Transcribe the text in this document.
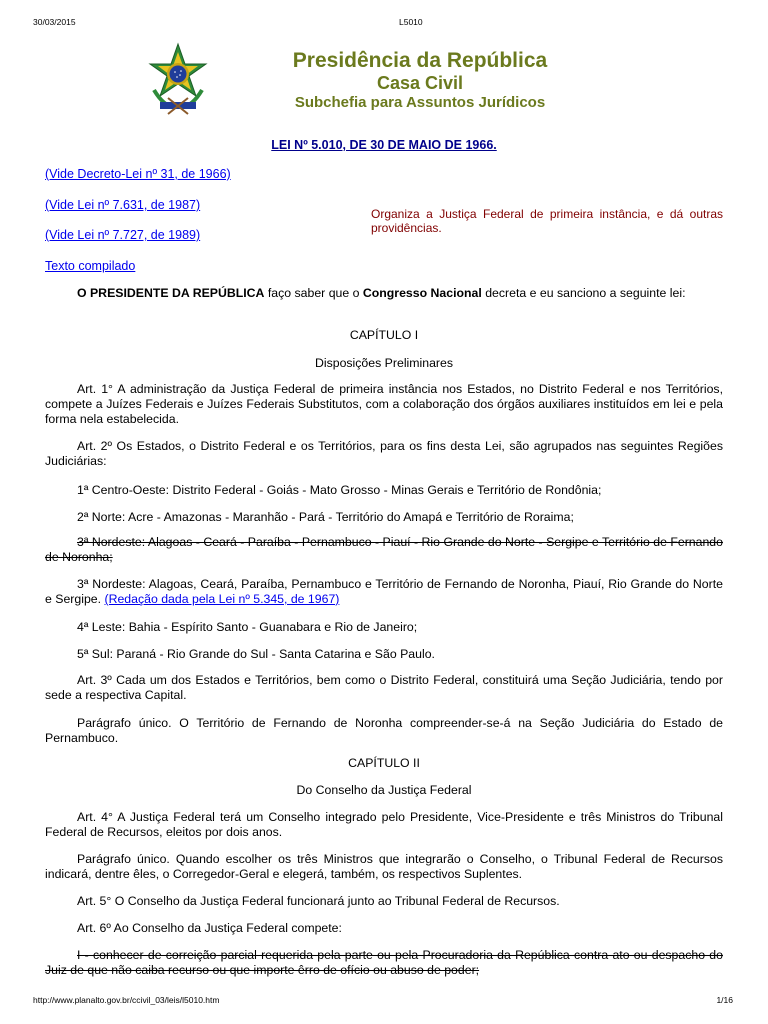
30/03/2015	L5010
Presidência da República
Casa Civil
Subchefia para Assuntos Jurídicos
LEI Nº 5.010, DE 30 DE MAIO DE 1966.
(Vide Decreto-Lei nº 31, de 1966)
(Vide Lei nº 7.631, de 1987)
(Vide Lei nº 7.727, de 1989)
Texto compilado
Organiza a Justiça Federal de primeira instância, e dá outras providências.
O PRESIDENTE DA REPÚBLICA faço saber que o Congresso Nacional decreta e eu sanciono a seguinte lei:
CAPÍTULO I
Disposições Preliminares
Art. 1° A administração da Justiça Federal de primeira instância nos Estados, no Distrito Federal e nos Territórios, compete a Juízes Federais e Juízes Federais Substitutos, com a colaboração dos órgãos auxiliares instituídos em lei e pela forma nela estabelecida.
Art. 2º Os Estados, o Distrito Federal e os Territórios, para os fins desta Lei, são agrupados nas seguintes Regiões Judiciárias:
1ª Centro-Oeste: Distrito Federal - Goiás - Mato Grosso - Minas Gerais e Território de Rondônia;
2ª Norte: Acre - Amazonas - Maranhão - Pará - Território do Amapá e Território de Roraima;
3ª Nordeste: Alagoas - Ceará - Paraíba - Pernambuco - Piauí - Rio Grande do Norte - Sergipe e Território de Fernando de Noronha;
3ª Nordeste: Alagoas, Ceará, Paraíba, Pernambuco e Território de Fernando de Noronha, Piauí, Rio Grande do Norte e Sergipe. (Redação dada pela Lei nº 5.345, de 1967)
4ª Leste: Bahia - Espírito Santo - Guanabara e Rio de Janeiro;
5ª Sul: Paraná - Rio Grande do Sul - Santa Catarina e São Paulo.
Art. 3º Cada um dos Estados e Territórios, bem como o Distrito Federal, constituirá uma Seção Judiciária, tendo por sede a respectiva Capital.
Parágrafo único. O Território de Fernando de Noronha compreender-se-á na Seção Judiciária do Estado de Pernambuco.
CAPÍTULO II
Do Conselho da Justiça Federal
Art. 4° A Justiça Federal terá um Conselho integrado pelo Presidente, Vice-Presidente e três Ministros do Tribunal Federal de Recursos, eleitos por dois anos.
Parágrafo único. Quando escolher os três Ministros que integrarão o Conselho, o Tribunal Federal de Recursos indicará, dentre êles, o Corregedor-Geral e elegerá, também, os respectivos Suplentes.
Art. 5° O Conselho da Justiça Federal funcionará junto ao Tribunal Federal de Recursos.
Art. 6º Ao Conselho da Justiça Federal compete:
I - conhecer de correição parcial requerida pela parte ou pela Procuradoria da República contra ato ou despacho do Juiz de que não caiba recurso ou que importe êrro de ofício ou abuso de poder;
http://www.planalto.gov.br/ccivil_03/leis/l5010.htm	1/16
